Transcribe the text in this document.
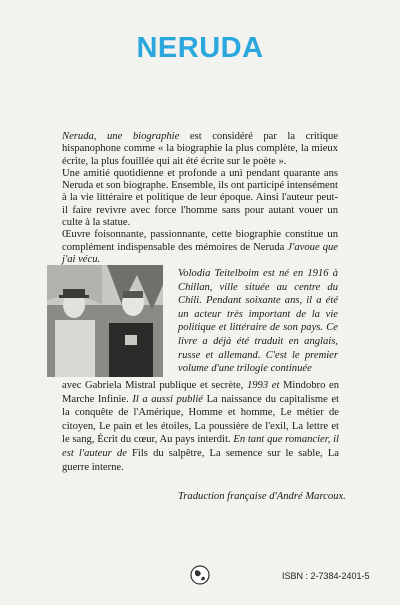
NERUDA

Neruda, une biographie est considéré par la critique hispanophone comme « la biographie la plus complète, la mieux écrite, la plus fouillée qui ait été écrite sur le poète ».

Une amitié quotidienne et profonde a uni pendant quarante ans Neruda et son biographe. Ensemble, ils ont participé intensément à la vie littéraire et politique de leur époque. Ainsi l'auteur peut-il faire revivre avec force l'homme sans pour autant vouer un culte à la statue.

Œuvre foisonnante, passionnante, cette biographie constitue un complément indispensable des mémoires de Neruda J'avoue que j'ai vécu.

Volodia Teitelboim est né en 1916 à Chillan, ville située au centre du Chili. Pendant soixante ans, il a été un acteur très important de la vie politique et littéraire de son pays. Ce livre a déjà été traduit en anglais, russe et allemand. C'est le premier volume d'une trilogie continuée
avec Gabriela Mistral publique et secrète, 1993 et Mindobro en Marche Infinie. Il a aussi publié La naissance du capitalisme et la conquête de l'Amérique, Homme et homme, Le métier de citoyen, Le pain et les étoiles, La poussière de l'exil, La lettre et le sang, Écrit du cœur, Au pays interdit. En tant que romancier, il est l'auteur de Fils du salpêtre, La semence sur le sable, La guerre interne.
Traduction française d'André Marcoux.
ISBN : 2-7384-2401-5
